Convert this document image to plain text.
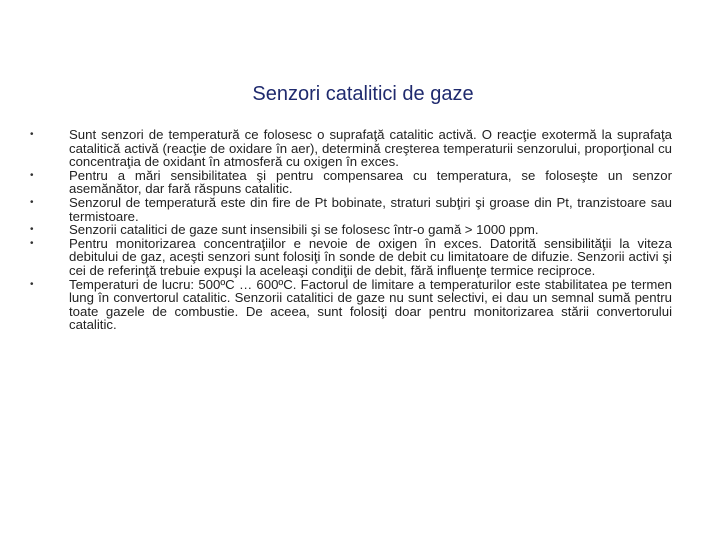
Senzori catalitici de gaze
•	Sunt senzori de temperatură ce folosesc o suprafaţă catalitic activă. O reacţie exotermă la suprafaţa catalitică activă (reacţie de oxidare în aer), determină creşterea temperaturii senzorului, proporţional cu concentraţia de oxidant în atmosferă cu oxigen în exces.
•	Pentru a mări sensibilitatea şi pentru compensarea cu temperatura, se foloseşte un senzor asemănător, dar fară răspuns catalitic.
•	Senzorul de temperatură este din fire de Pt bobinate, straturi subţiri şi groase din Pt, tranzistoare sau termistoare.
•	Senzorii catalitici de gaze sunt insensibili şi se folosesc într-o gamă > 1000 ppm.
•	Pentru monitorizarea concentraţiilor e nevoie de oxigen în exces. Datorită sensibilităţii la viteza debitului de gaz, aceşti senzori sunt folosiţi în sonde de debit cu limitatoare de difuzie. Senzorii activi şi cei de referinţă trebuie expuşi la aceleaşi condiţii de debit, fără influenţe termice reciproce.
•	Temperaturi de lucru: 500ºC … 600ºC. Factorul de limitare a temperaturilor este stabilitatea pe termen lung în convertorul catalitic. Senzorii catalitici de gaze nu sunt selectivi, ei dau un semnal sumă pentru toate gazele de combustie. De aceea, sunt folosiţi doar pentru monitorizarea stării convertorului catalitic.
